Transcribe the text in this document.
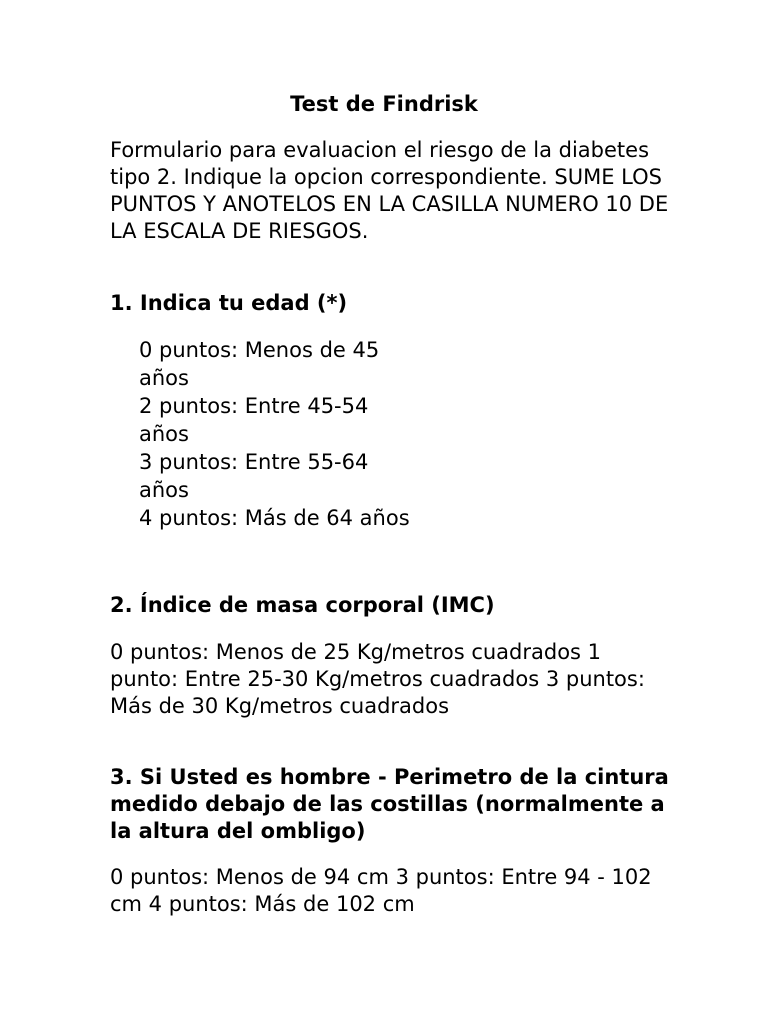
Test de Findrisk

Formulario para evaluacion el riesgo de la diabetes tipo 2. Indique la opcion correspondiente. SUME LOS PUNTOS Y ANOTELOS EN LA CASILLA NUMERO 10 DE LA ESCALA DE RIESGOS.

1. Indica tu edad (*)
0 puntos: Menos de 45 años
2 puntos: Entre 45-54 años
3 puntos: Entre 55-64 años
4 puntos: Más de 64 años
2. Índice de masa corporal (IMC)

0 puntos: Menos de 25 Kg/metros cuadrados 1 punto: Entre 25-30 Kg/metros cuadrados 3 puntos: Más de 30 Kg/metros cuadrados

3. Si Usted es hombre - Perimetro de la cintura medido debajo de las costillas (normalmente a la altura del ombligo)

0 puntos: Menos de 94 cm 3 puntos: Entre 94 - 102 cm 4 puntos: Más de 102 cm
